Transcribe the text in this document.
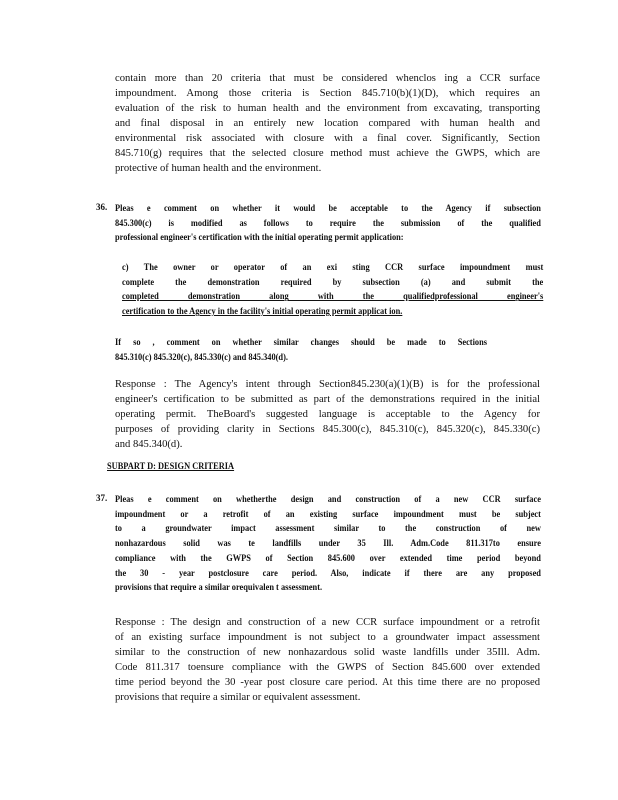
contain more than 20 criteria that must be considered whenclos ing a CCR surface
impoundment. Among those criteria is Section 845.710(b)(1)(D), which requires an
evaluation of the risk to human health and the environment from excavating, transporting
and final disposal in an entirely new location compared with human health and
environmental risk associated with closure with a final cover. Significantly, Section
845.710(g) requires that the selected closure method must achieve the GWPS, which are
protective of human health and the environment.

36. Pleas e comment on whether it would be acceptable to the Agency if subsection
845.300(c) is modified as follows to require the submission of the qualified
professional engineer's certification with the initial operating permit application:

c) The owner or operator of an exi sting CCR surface impoundment must
complete the demonstration required by subsection (a) and submit the
completed demonstration along with the qualifiedprofessional engineer's
certification to the Agency in the facility's initial operating permit applicat ion.

If so , comment on whether similar changes should be made to Sections
845.310(c) 845.320(c), 845.330(c) and 845.340(d).

Response : The Agency's intent through Section845.230(a)(1)(B) is for the professional
engineer's certification to be submitted as part of the demonstrations required in the initial
operating permit. TheBoard's suggested language is acceptable to the Agency for
purposes of providing clarity in Sections 845.300(c), 845.310(c), 845.320(c), 845.330(c)
and 845.340(d).

SUBPART D: DESIGN CRITERIA

37. Pleas e comment on whetherthe design and construction of a new CCR surface
impoundment or a retrofit of an existing surface impoundment must be subject
to a groundwater impact assessment similar to the construction of new
nonhazardous solid was te landfills under 35 Ill. Adm.Code 811.317to ensure
compliance with the GWPS of Section 845.600 over extended time period beyond
the 30 - year postclosure care period. Also, indicate if there are any proposed
provisions that require a similar orequivalen t assessment.

Response : The design and construction of a new CCR surface impoundment or a retrofit
of an existing surface impoundment is not subject to a groundwater impact assessment
similar to the construction of new nonhazardous solid waste landfills under 35Ill. Adm.
Code 811.317 toensure compliance with the GWPS of Section 845.600 over extended
time period beyond the 30 -year post closure care period. At this time there are no proposed
provisions that require a similar or equivalent assessment.
